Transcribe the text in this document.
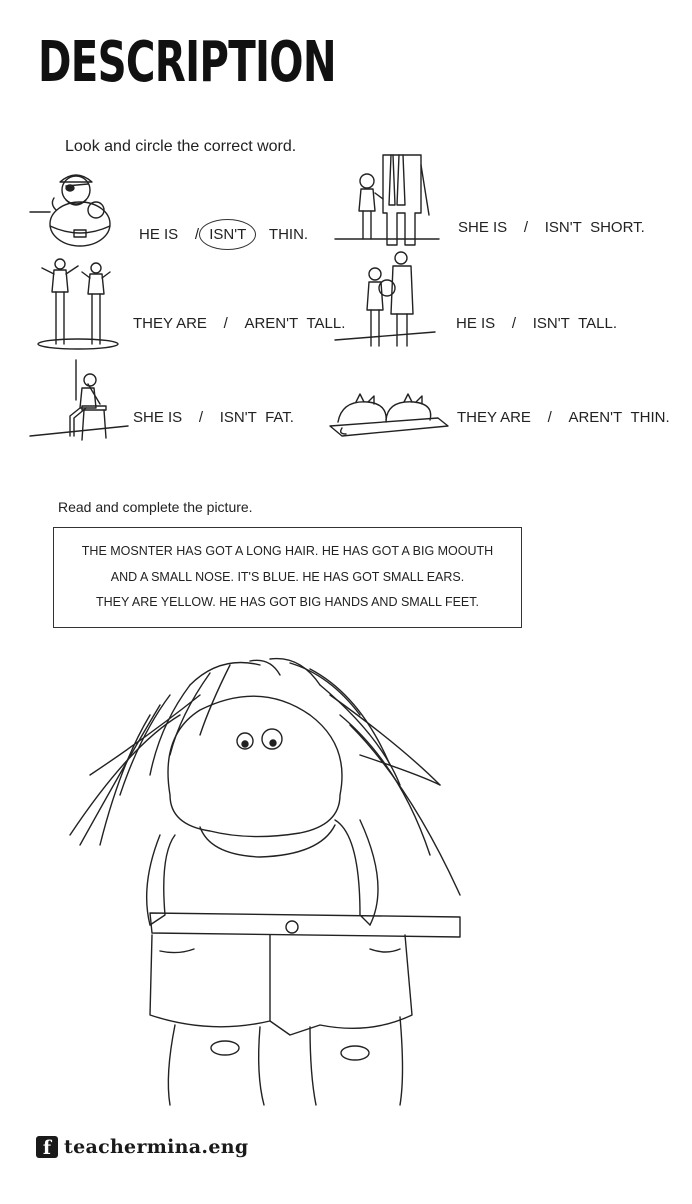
DESCRIPTION
Look and circle the correct word.
HE IS / ISN'T THIN.	SHE IS / ISN'T SHORT.
THEY ARE / AREN'T TALL.	HE IS / ISN'T TALL.
SHE IS / ISN'T FAT.	THEY ARE / AREN'T THIN.
Read and complete the picture.

THE MOSNTER HAS GOT A LONG HAIR. HE HAS GOT A BIG MOOUTH

AND A SMALL NOSE. IT'S BLUE. HE HAS GOT SMALL EARS.

THEY ARE YELLOW. HE HAS GOT BIG HANDS AND SMALL FEET.

f teachermina.eng
